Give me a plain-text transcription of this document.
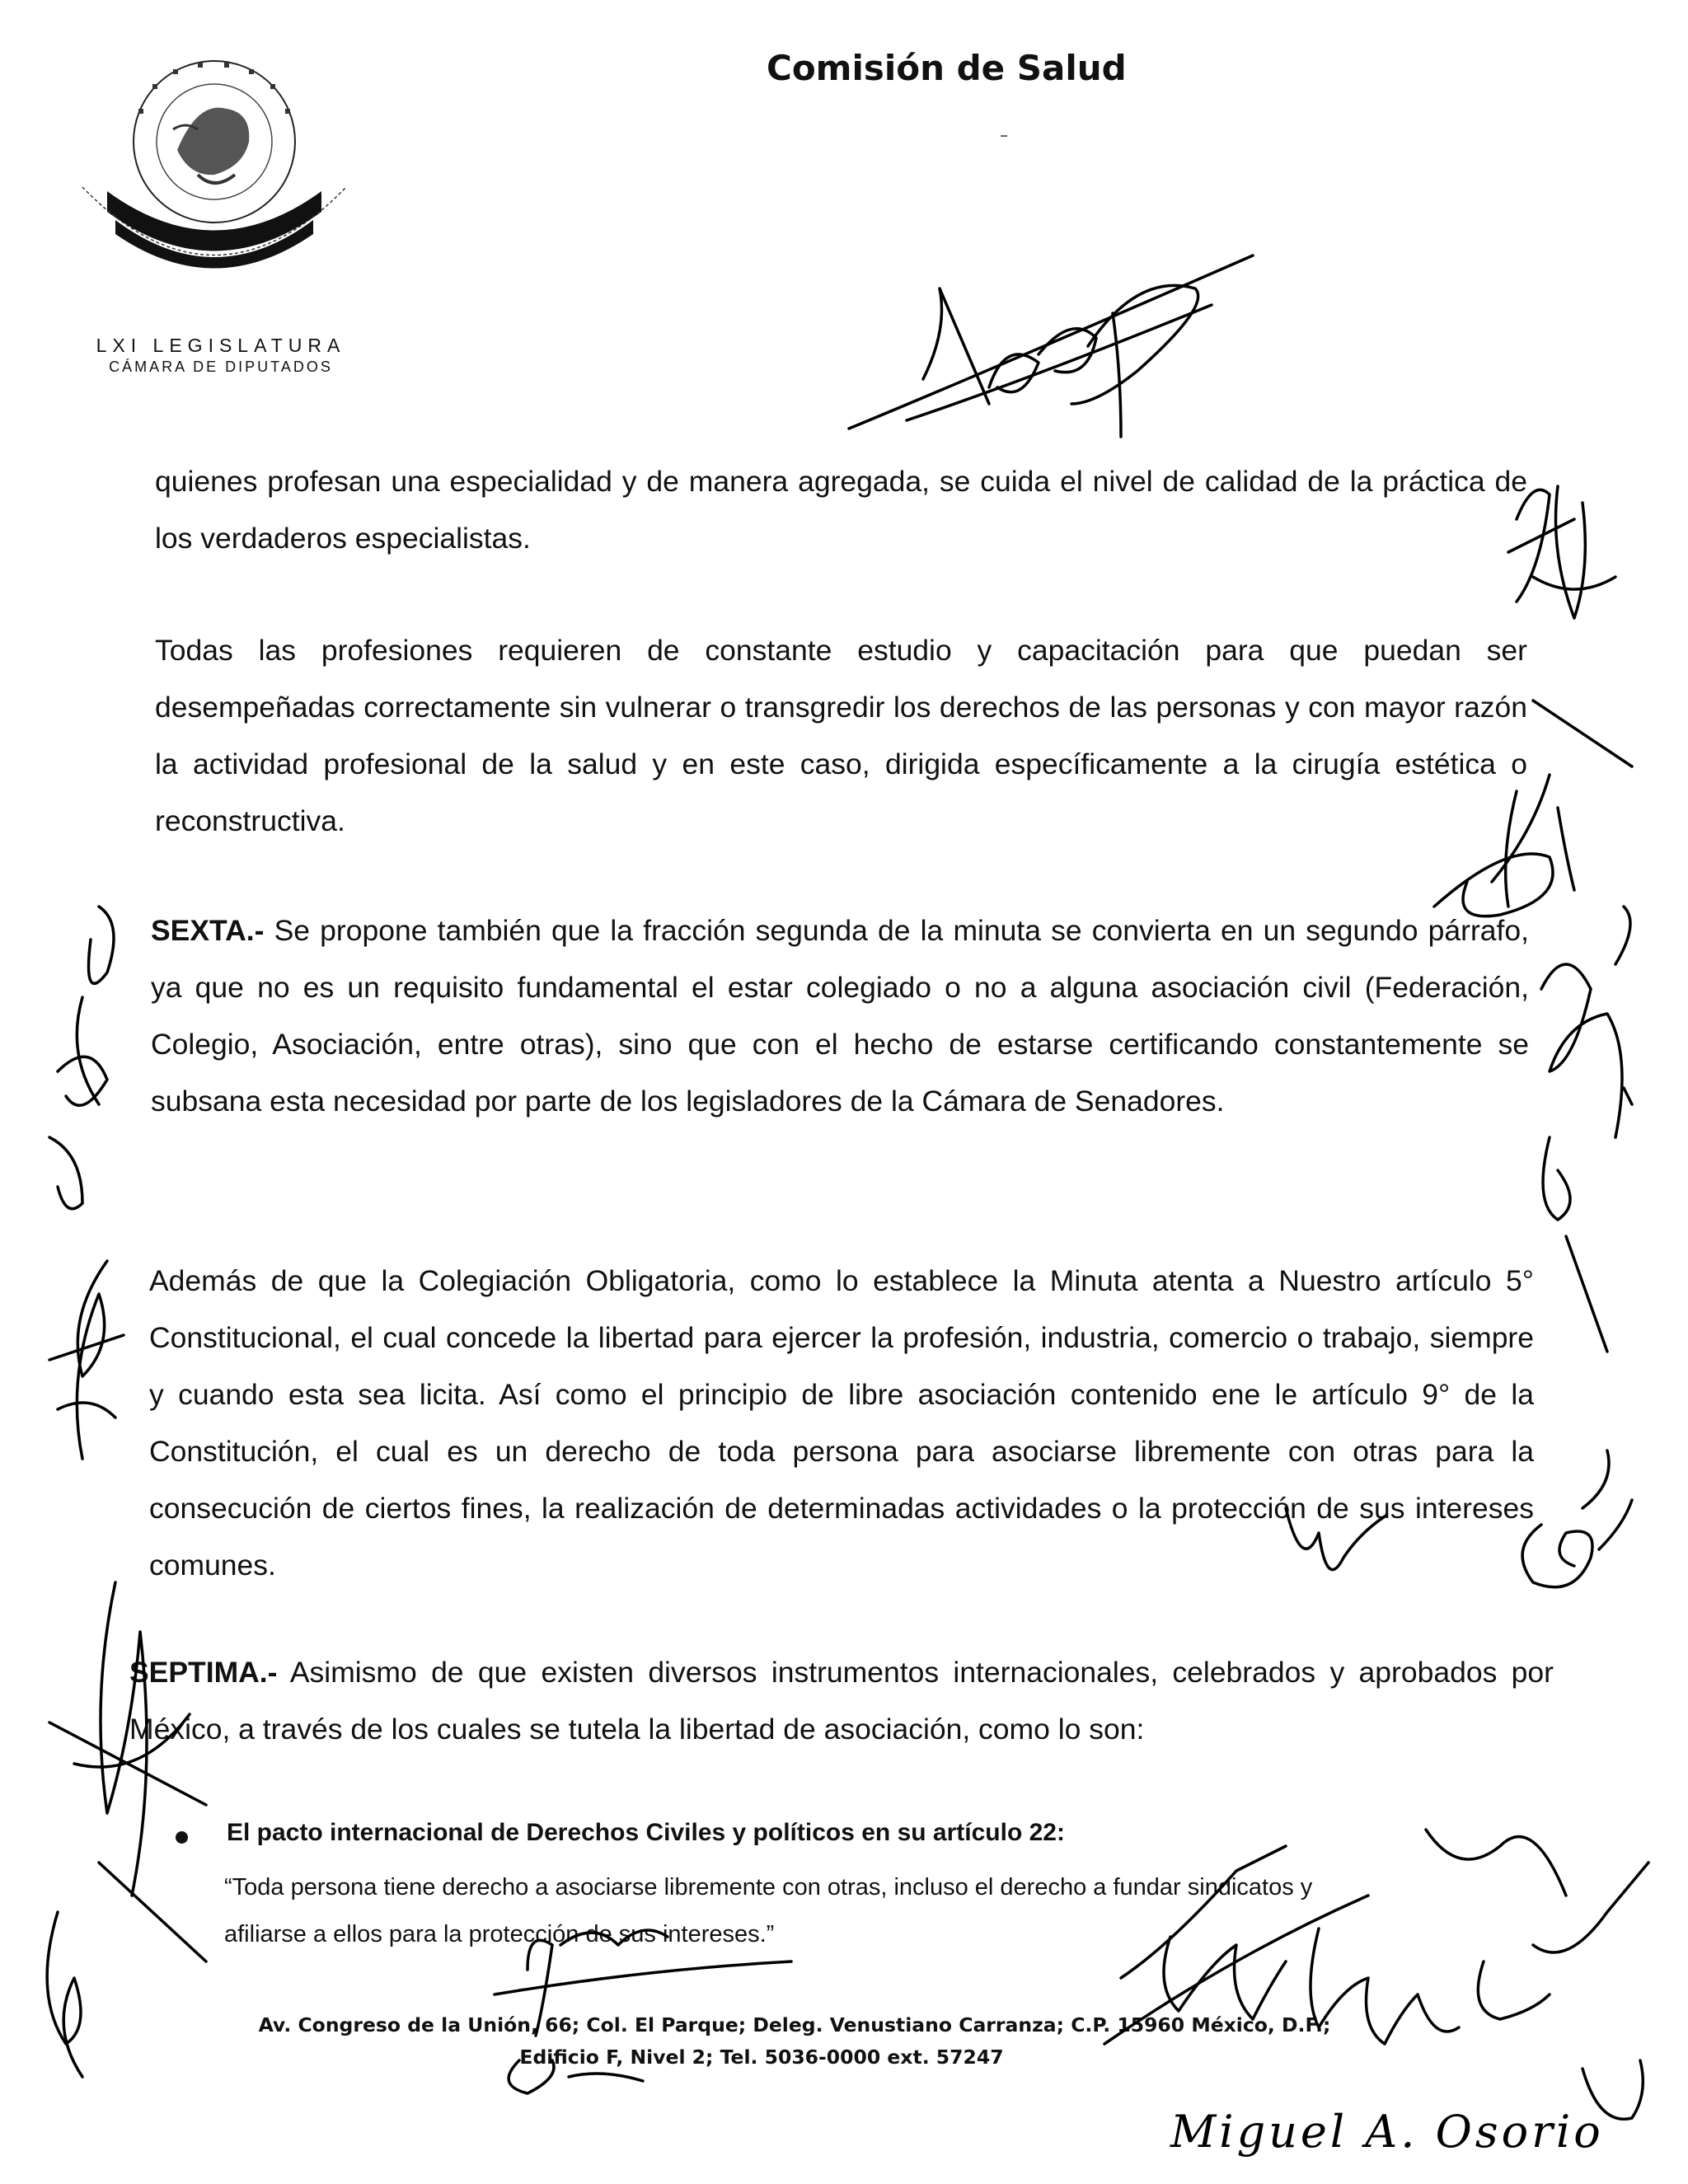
LXI LEGISLATURA
CÁMARA DE DIPUTADOS
Comisión de Salud
quienes profesan una especialidad y de manera agregada, se cuida el nivel de calidad de la práctica de los verdaderos especialistas.
Todas las profesiones requieren de constante estudio y capacitación para que puedan ser desempeñadas correctamente sin vulnerar o transgredir los derechos de las personas y con mayor razón la actividad profesional de la salud y en este caso, dirigida específicamente a la cirugía estética o reconstructiva.
SEXTA.- Se propone también que la fracción segunda de la minuta se convierta en un segundo párrafo, ya que no es un requisito fundamental el estar colegiado o no a alguna asociación civil (Federación, Colegio, Asociación, entre otras), sino que con el hecho de estarse certificando constantemente se subsana esta necesidad por parte de los legisladores de la Cámara de Senadores.
Además de que la Colegiación Obligatoria, como lo establece la Minuta atenta a Nuestro artículo 5° Constitucional, el cual concede la libertad para ejercer la profesión, industria, comercio o trabajo, siempre y cuando esta sea licita. Así como el principio de libre asociación contenido ene le artículo 9° de la Constitución, el cual es un derecho de toda persona para asociarse libremente con otras para la consecución de ciertos fines, la realización de determinadas actividades o la protección de sus intereses comunes.
SEPTIMA.- Asimismo de que existen diversos instrumentos internacionales, celebrados y aprobados por México, a través de los cuales se tutela la libertad de asociación, como lo son:
El pacto internacional de Derechos Civiles y políticos en su artículo 22:
“Toda persona tiene derecho a asociarse libremente con otras, incluso el derecho a fundar sindicatos y afiliarse a ellos para la protección de sus intereses.”
Av. Congreso de la Unión, 66; Col. El Parque; Deleg. Venustiano Carranza; C.P. 15960 México, D.F.;
Edificio F, Nivel 2; Tel. 5036-0000 ext. 57247
Miguel A. Osorio
